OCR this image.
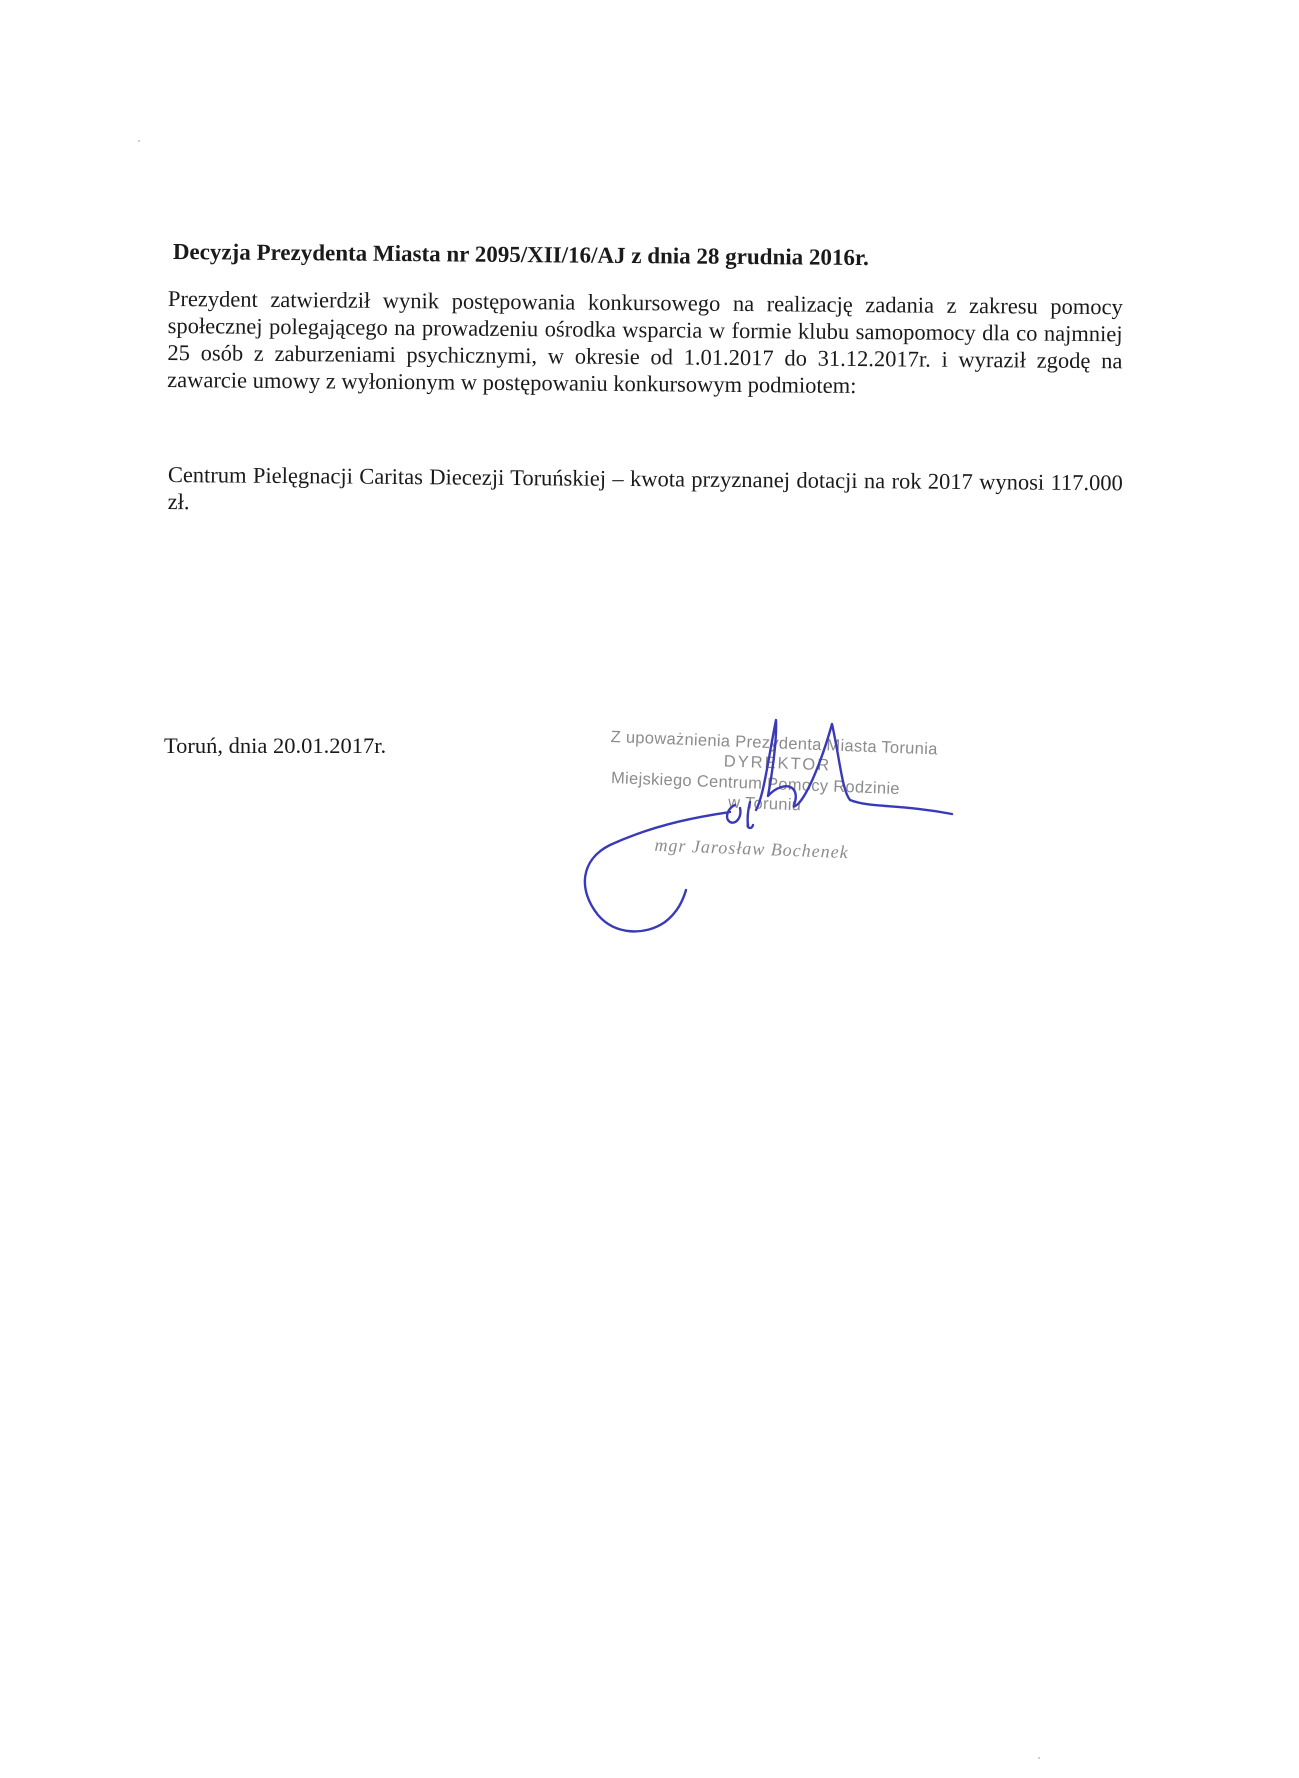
Decyzja Prezydenta Miasta nr 2095/XII/16/AJ z dnia 28 grudnia 2016r.
Prezydent zatwierdził wynik postępowania konkursowego na realizację zadania z zakresu pomocy społecznej polegającego na prowadzeniu ośrodka wsparcia w formie klubu samopomocy dla co najmniej 25 osób z zaburzeniami psychicznymi, w okresie od 1.01.2017 do 31.12.2017r. i wyraził zgodę na zawarcie umowy z wyłonionym w postępowaniu konkursowym podmiotem:
Centrum Pielęgnacji Caritas Diecezji Toruńskiej – kwota przyznanej dotacji na rok 2017 wynosi 117.000 zł.
Toruń, dnia 20.01.2017r.	Z upoważnienia Prezydenta Miasta Torunia
DYREKTOR
Miejskiego Centrum Pomocy Rodzinie
w Toruniu
mgr Jarosław Bochenek
